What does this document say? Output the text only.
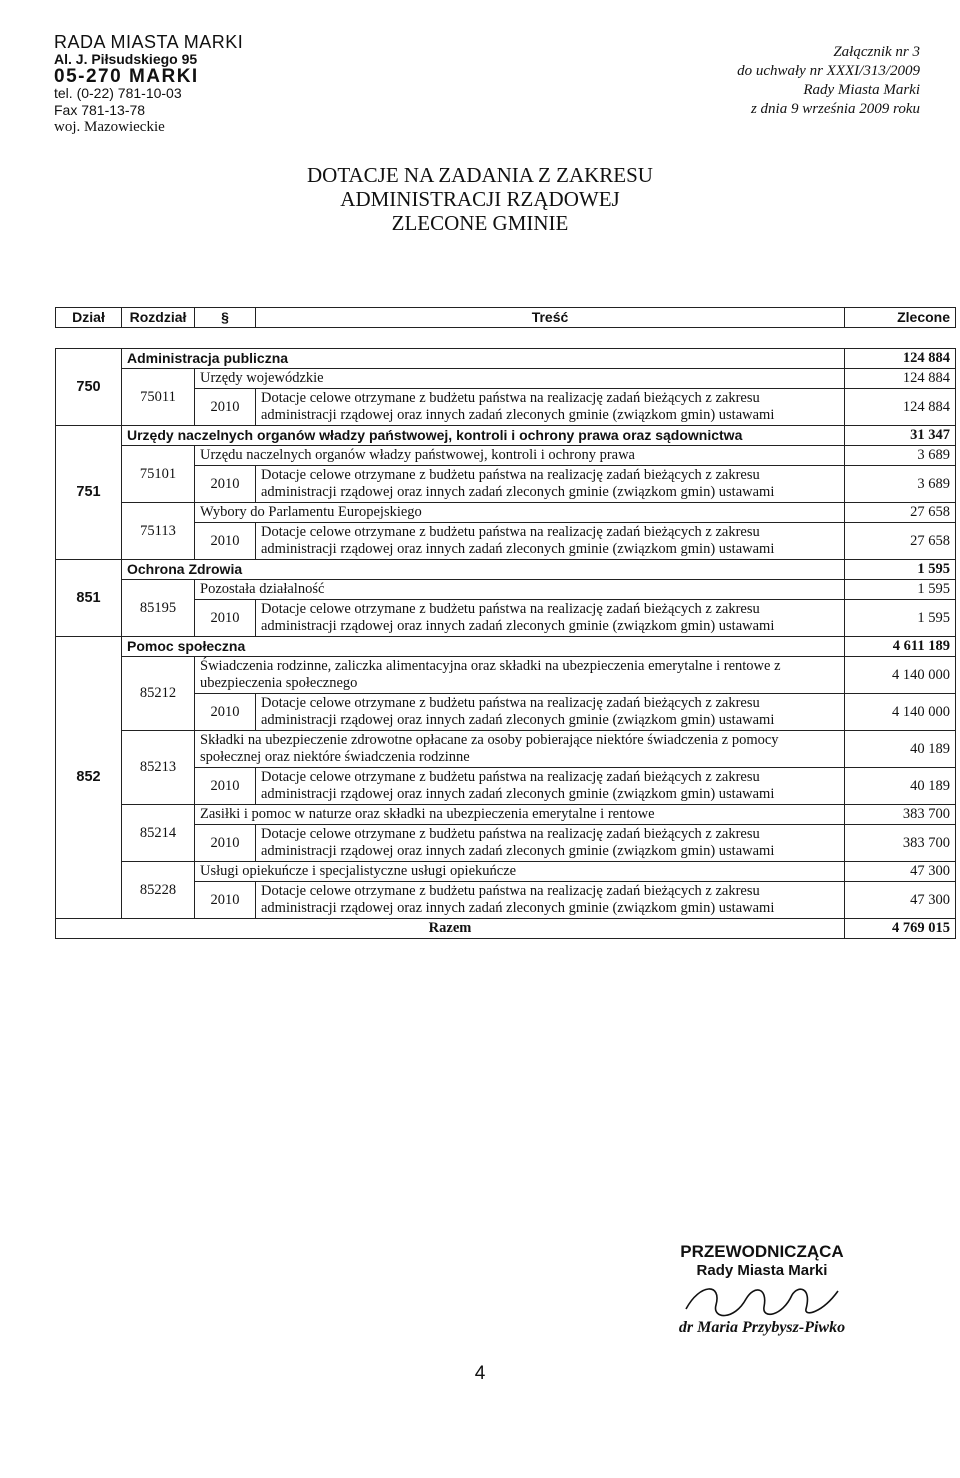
RADA MIASTA MARKI
Al. J. Piłsudskiego 95
05-270 MARKI
tel. (0-22) 781-10-03
Fax 781-13-78
woj. Mazowieckie
Załącznik nr 3
do uchwały nr XXXI/313/2009
Rady Miasta Marki
z dnia 9 września 2009 roku
DOTACJE NA ZADANIA Z ZAKRESU
ADMINISTRACJI RZĄDOWEJ
ZLECONE GMINIE
Dział	Rozdział	§	Treść	Zlecone

750	Administracja publiczna			124 884
	75011	Urzędy wojewódzkie		124 884
		2010	Dotacje celowe otrzymane z budżetu państwa na realizację zadań bieżących z zakresu administracji rządowej oraz innych zadań zleconych gminie (związkom gmin) ustawami	124 884
751	Urzędy naczelnych organów władzy państwowej, kontroli i ochrony prawa oraz sądownictwa			31 347
	75101	Urzędu naczelnych organów władzy państwowej, kontroli i ochrony prawa		3 689
		2010	Dotacje celowe otrzymane z budżetu państwa na realizację zadań bieżących z zakresu administracji rządowej oraz innych zadań zleconych gminie (związkom gmin) ustawami	3 689
	75113	Wybory do Parlamentu Europejskiego		27 658
		2010	Dotacje celowe otrzymane z budżetu państwa na realizację zadań bieżących z zakresu administracji rządowej oraz innych zadań zleconych gminie (związkom gmin) ustawami	27 658
851	Ochrona Zdrowia			1 595
	85195	Pozostała działalność		1 595
		2010	Dotacje celowe otrzymane z budżetu państwa na realizację zadań bieżących z zakresu administracji rządowej oraz innych zadań zleconych gminie (związkom gmin) ustawami	1 595
852	Pomoc społeczna			4 611 189
	85212	Świadczenia rodzinne, zaliczka alimentacyjna oraz składki na ubezpieczenia emerytalne i rentowe z ubezpieczenia społecznego		4 140 000
		2010	Dotacje celowe otrzymane z budżetu państwa na realizację zadań bieżących z zakresu administracji rządowej oraz innych zadań zleconych gminie (związkom gmin) ustawami	4 140 000
	85213	Składki na ubezpieczenie zdrowotne opłacane za osoby pobierające niektóre świadczenia z pomocy społecznej oraz niektóre świadczenia rodzinne		40 189
		2010	Dotacje celowe otrzymane z budżetu państwa na realizację zadań bieżących z zakresu administracji rządowej oraz innych zadań zleconych gminie (związkom gmin) ustawami	40 189
	85214	Zasiłki i pomoc w naturze oraz składki na ubezpieczenia emerytalne i rentowe		383 700
		2010	Dotacje celowe otrzymane z budżetu państwa na realizację zadań bieżących z zakresu administracji rządowej oraz innych zadań zleconych gminie (związkom gmin) ustawami	383 700
	85228	Usługi opiekuńcze i specjalistyczne usługi opiekuńcze		47 300
		2010	Dotacje celowe otrzymane z budżetu państwa na realizację zadań bieżących z zakresu administracji rządowej oraz innych zadań zleconych gminie (związkom gmin) ustawami	47 300
Razem				4 769 015
PRZEWODNICZĄCA
Rady Miasta Marki
dr Maria Przybysz-Piwko
4
